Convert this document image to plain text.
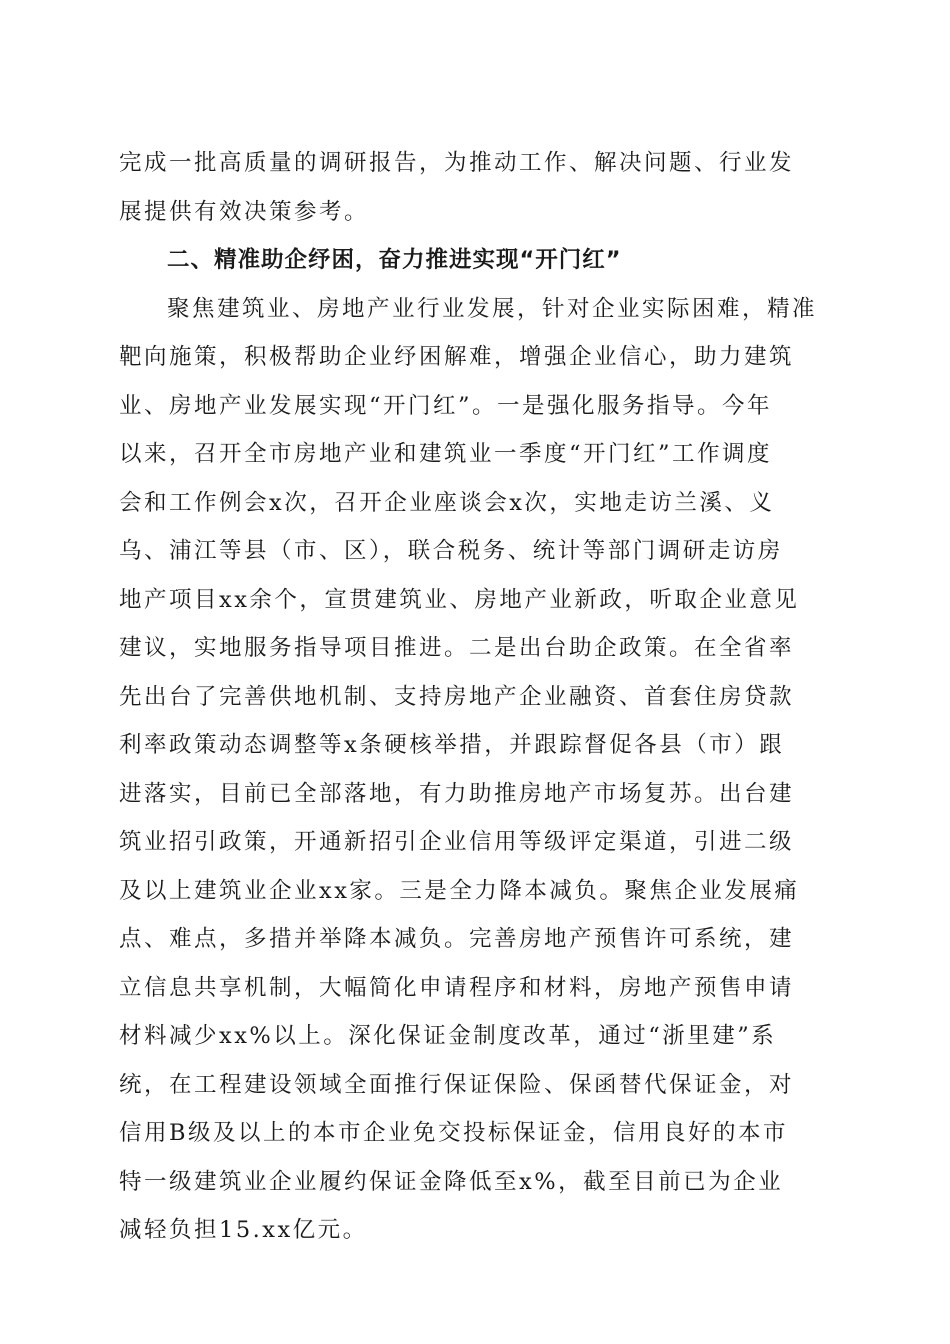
完成一批高质量的调研报告，为推动工作、解决问题、行业发
展提供有效决策参考。
二、精准助企纾困，奋力推进实现“开门红”
聚焦建筑业、房地产业行业发展，针对企业实际困难，精准
靶向施策，积极帮助企业纾困解难，增强企业信心，助力建筑
业、房地产业发展实现“开门红”。一是强化服务指导。今年
以来，召开全市房地产业和建筑业一季度“开门红”工作调度
会和工作例会x次，召开企业座谈会x次，实地走访兰溪、义
乌、浦江等县（市、区），联合税务、统计等部门调研走访房
地产项目xx余个，宣贯建筑业、房地产业新政，听取企业意见
建议，实地服务指导项目推进。二是出台助企政策。在全省率
先出台了完善供地机制、支持房地产企业融资、首套住房贷款
利率政策动态调整等x条硬核举措，并跟踪督促各县（市）跟
进落实，目前已全部落地，有力助推房地产市场复苏。出台建
筑业招引政策，开通新招引企业信用等级评定渠道，引进二级
及以上建筑业企业xx家。三是全力降本减负。聚焦企业发展痛
点、难点，多措并举降本减负。完善房地产预售许可系统，建
立信息共享机制，大幅简化申请程序和材料，房地产预售申请
材料减少xx%以上。深化保证金制度改革，通过“浙里建”系
统，在工程建设领域全面推行保证保险、保函替代保证金，对
信用B级及以上的本市企业免交投标保证金，信用良好的本市
特一级建筑业企业履约保证金降低至x%，截至目前已为企业
减轻负担15.xx亿元。
